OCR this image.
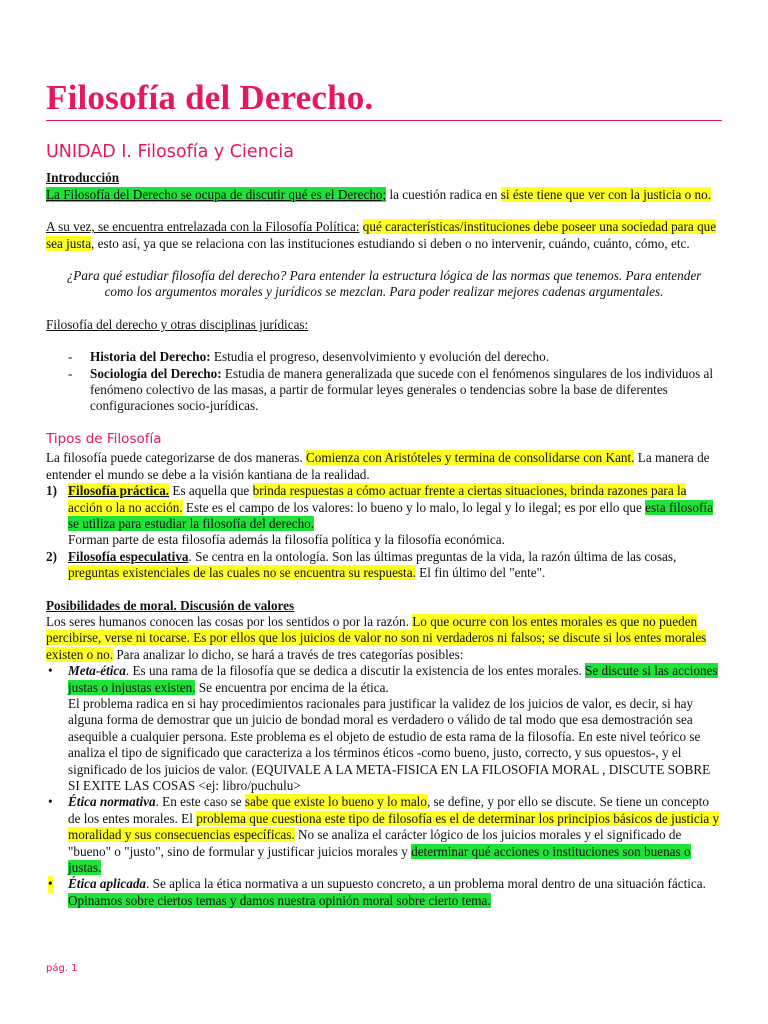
Filosofía del Derecho.
UNIDAD I. Filosofía y Ciencia
Introducción

La Filosofía del Derecho se ocupa de discutir qué es el Derecho; la cuestión radica en si éste tiene que ver con la justicia o no.

A su vez, se encuentra entrelazada con la Filosofía Política: qué características/instituciones debe poseer una sociedad para que sea justa, esto así, ya que se relaciona con las instituciones estudiando si deben o no intervenir, cuándo, cuánto, cómo, etc.

¿Para qué estudiar filosofía del derecho? Para entender la estructura lógica de las normas que tenemos. Para entender como los argumentos morales y jurídicos se mezclan. Para poder realizar mejores cadenas argumentales.

Filosofía del derecho y otras disciplinas jurídicas:

- Historia del Derecho: Estudia el progreso, desenvolvimiento y evolución del derecho.
- Sociología del Derecho: Estudia de manera generalizada que sucede con el fenómenos singulares de los individuos al fenómeno colectivo de las masas, a partir de formular leyes generales o tendencias sobre la base de diferentes configuraciones socio-jurídicas.
Tipos de Filosofía

La filosofía puede categorizarse de dos maneras. Comienza con Aristóteles y termina de consolidarse con Kant. La manera de entender el mundo se debe a la visión kantiana de la realidad.

1) Filosofía práctica. Es aquella que brinda respuestas a cómo actuar frente a ciertas situaciones, brinda razones para la acción o la no acción. Este es el campo de los valores: lo bueno y lo malo, lo legal y lo ilegal; es por ello que esta filosofía se utiliza para estudiar la filosofía del derecho.
Forman parte de esta filosofía además la filosofía política y la filosofía económica.
2) Filosofía especulativa. Se centra en la ontología. Son las últimas preguntas de la vida, la razón última de las cosas, preguntas existenciales de las cuales no se encuentra su respuesta. El fin último del "ente".
Posibilidades de moral. Discusión de valores

Los seres humanos conocen las cosas por los sentidos o por la razón. Lo que ocurre con los entes morales es que no pueden percibirse, verse ni tocarse. Es por ellos que los juicios de valor no son ni verdaderos ni falsos; se discute si los entes morales existen o no. Para analizar lo dicho, se hará a través de tres categorías posibles:

• Meta-ética. Es una rama de la filosofía que se dedica a discutir la existencia de los entes morales. Se discute si las acciones justas o injustas existen. Se encuentra por encima de la ética.
El problema radica en si hay procedimientos racionales para justificar la validez de los juicios de valor, es decir, si hay alguna forma de demostrar que un juicio de bondad moral es verdadero o válido de tal modo que esa demostración sea asequible a cualquier persona. Este problema es el objeto de estudio de esta rama de la filosofía. En este nivel teórico se analiza el tipo de significado que caracteriza a los términos éticos -como bueno, justo, correcto, y sus opuestos-, y el significado de los juicios de valor. (EQUIVALE A LA META-FISICA EN LA FILOSOFIA MORAL , DISCUTE SOBRE SI EXITE LAS COSAS <ej: libro/puchulu>
• Ética normativa. En este caso se sabe que existe lo bueno y lo malo, se define, y por ello se discute. Se tiene un concepto de los entes morales. El problema que cuestiona este tipo de filosofía es el de determinar los principios básicos de justicia y moralidad y sus consecuencias específicas. No se analiza el carácter lógico de los juicios morales y el significado de "bueno" o "justo", sino de formular y justificar juicios morales y determinar qué acciones o instituciones son buenas o justas.
• Ética aplicada. Se aplica la ética normativa a un supuesto concreto, a un problema moral dentro de una situación fáctica. Opinamos sobre ciertos temas y damos nuestra opinión moral sobre cierto tema.
pág. 1
